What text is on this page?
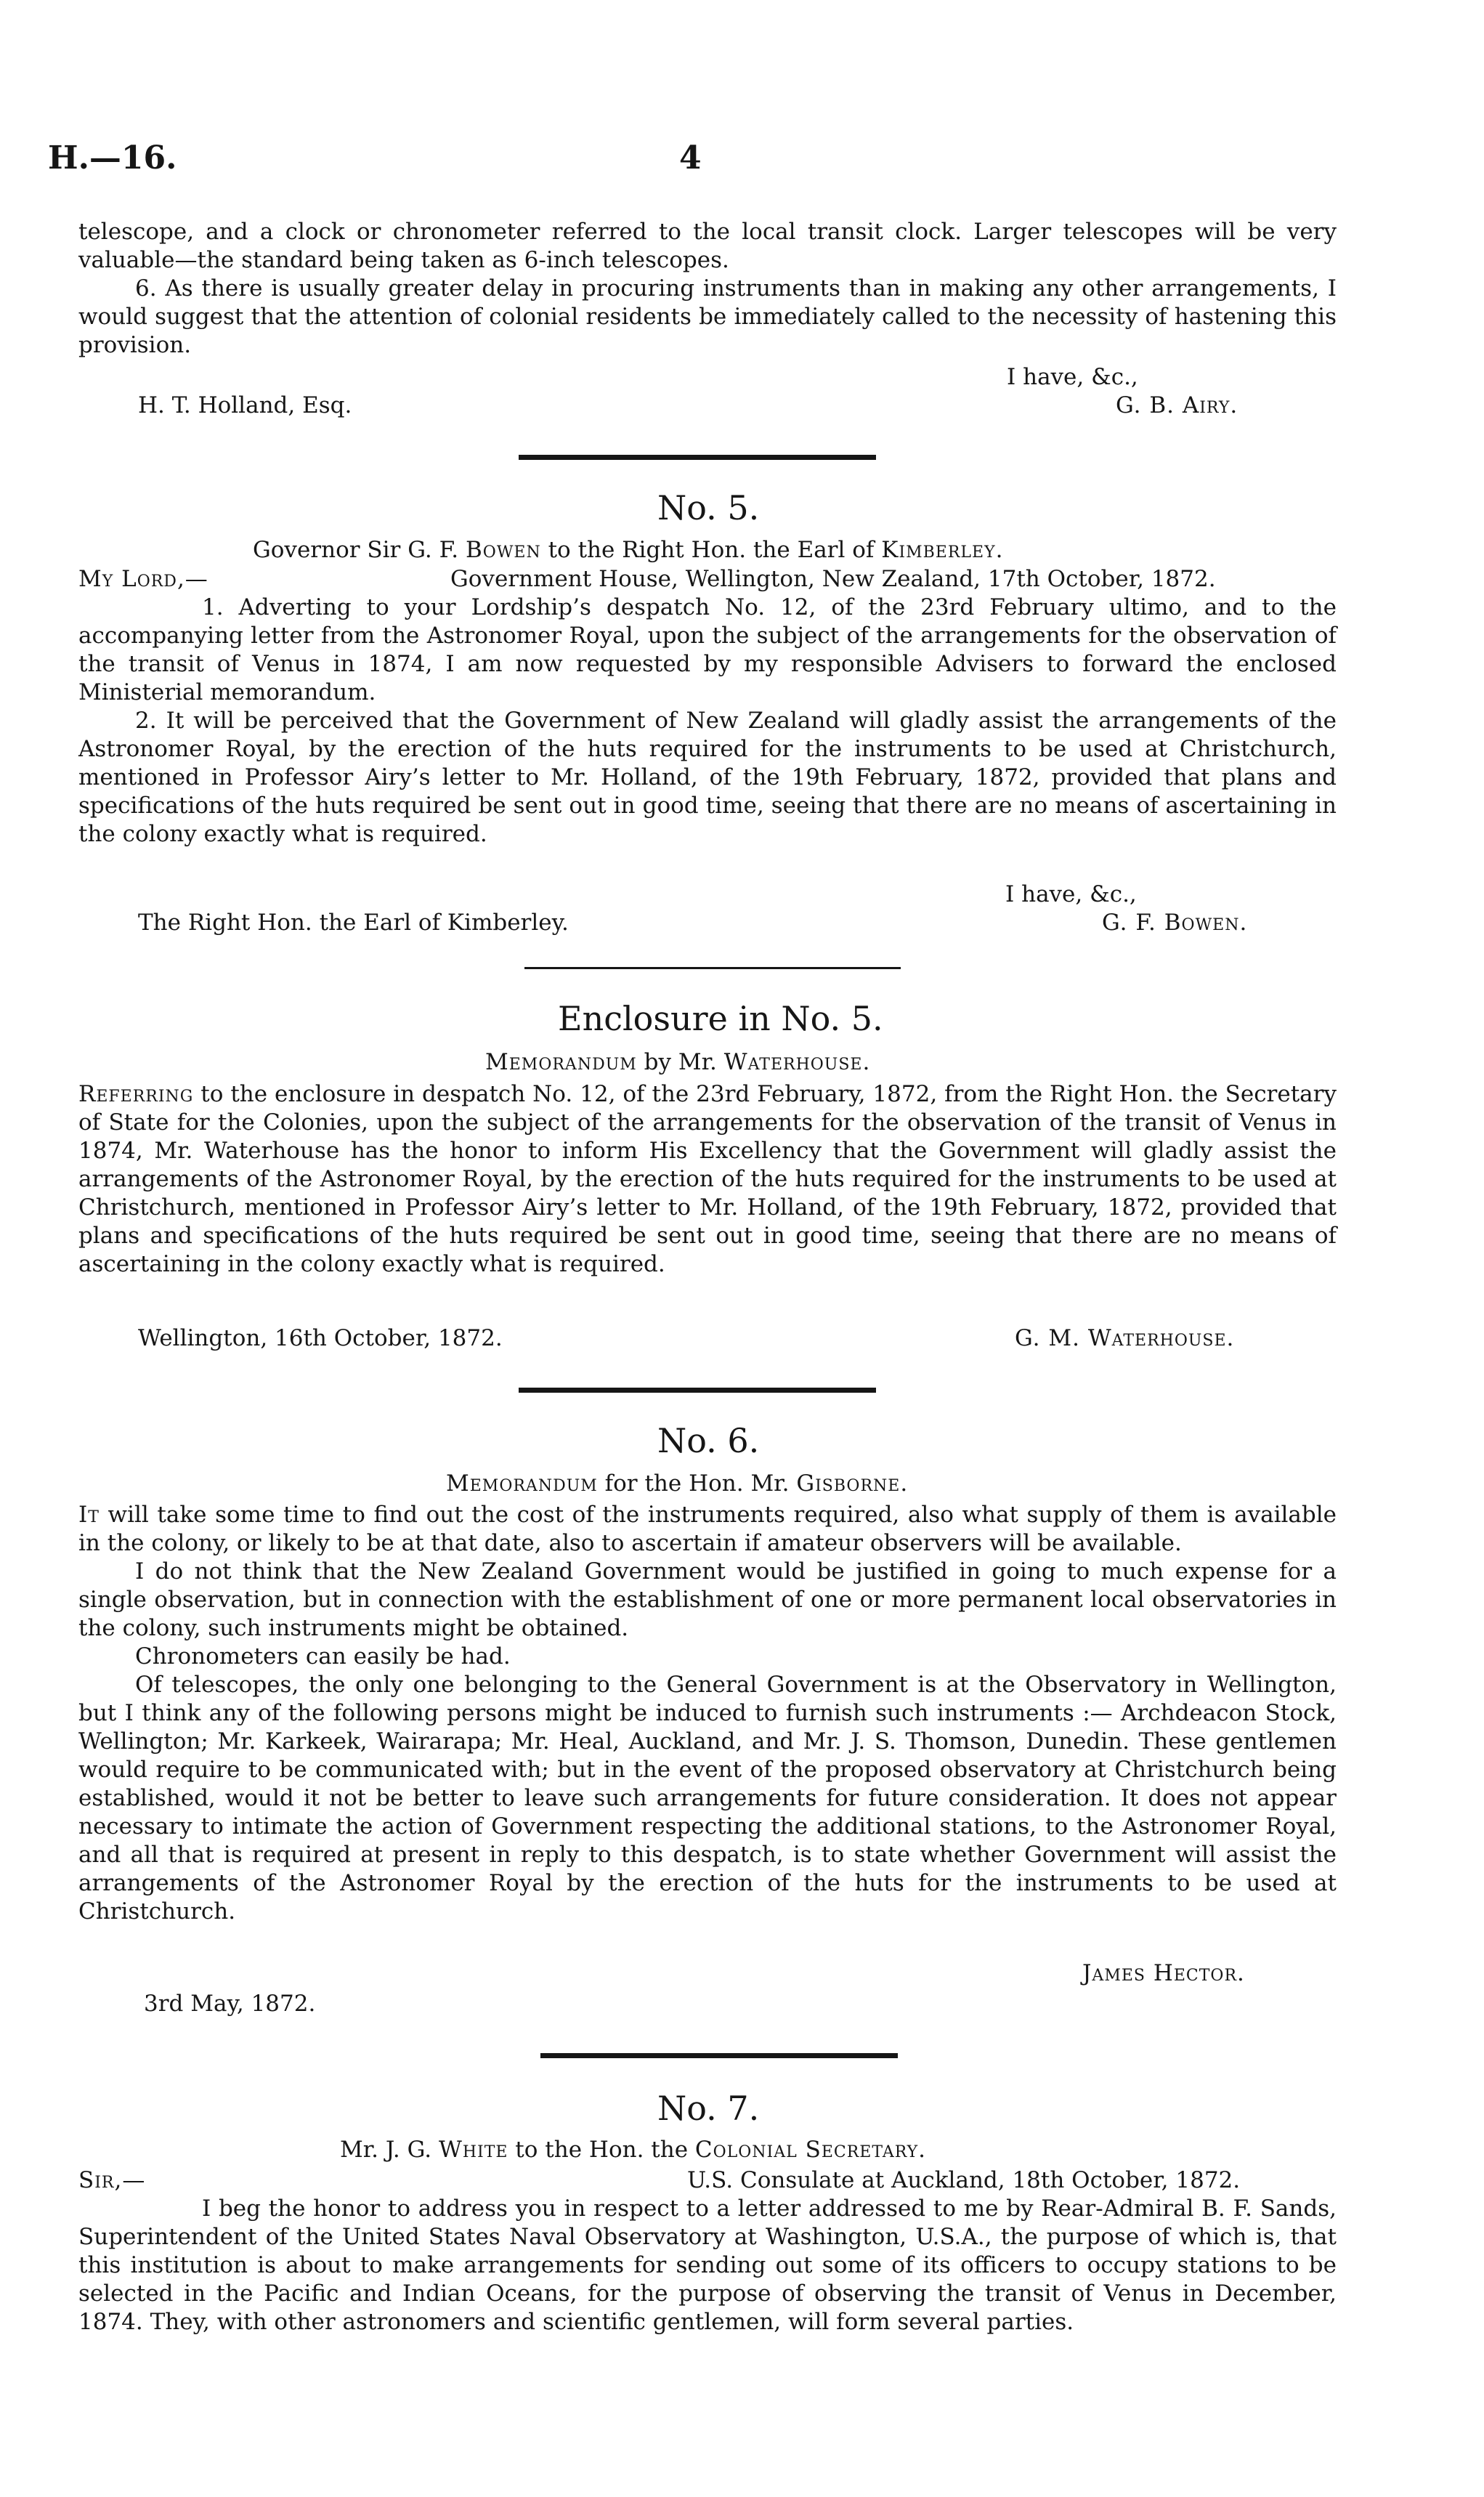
H.—16.	4

telescope, and a clock or chronometer referred to the local transit clock. Larger telescopes will be very valuable—the standard being taken as 6-inch telescopes.

6. As there is usually greater delay in procuring instruments than in making any other arrangements, I would suggest that the attention of colonial residents be immediately called to the necessity of hastening this provision.

I have, &c.,
H. T. Holland, Esq.	G. B. Airy.
No. 5.
Governor Sir G. F. Bowen to the Right Hon. the Earl of Kimberley.
My Lord,—	Government House, Wellington, New Zealand, 17th October, 1872.

1. Adverting to your Lordship’s despatch No. 12, of the 23rd February ultimo, and to the accompanying letter from the Astronomer Royal, upon the subject of the arrangements for the observation of the transit of Venus in 1874, I am now requested by my responsible Advisers to forward the enclosed Ministerial memorandum.

2. It will be perceived that the Government of New Zealand will gladly assist the arrangements of the Astronomer Royal, by the erection of the huts required for the instruments to be used at Christchurch, mentioned in Professor Airy’s letter to Mr. Holland, of the 19th February, 1872, provided that plans and specifications of the huts required be sent out in good time, seeing that there are no means of ascertaining in the colony exactly what is required.

I have, &c.,
The Right Hon. the Earl of Kimberley.	G. F. Bowen.
Enclosure in No. 5.
Memorandum by Mr. Waterhouse.

Referring to the enclosure in despatch No. 12, of the 23rd February, 1872, from the Right Hon. the Secretary of State for the Colonies, upon the subject of the arrangements for the observation of the transit of Venus in 1874, Mr. Waterhouse has the honor to inform His Excellency that the Government will gladly assist the arrangements of the Astronomer Royal, by the erection of the huts required for the instruments to be used at Christchurch, mentioned in Professor Airy’s letter to Mr. Holland, of the 19th February, 1872, provided that plans and specifications of the huts required be sent out in good time, seeing that there are no means of ascertaining in the colony exactly what is required.

Wellington, 16th October, 1872.	G. M. Waterhouse.
No. 6.
Memorandum for the Hon. Mr. Gisborne.

It will take some time to find out the cost of the instruments required, also what supply of them is available in the colony, or likely to be at that date, also to ascertain if amateur observers will be available.

I do not think that the New Zealand Government would be justified in going to much expense for a single observation, but in connection with the establishment of one or more permanent local observatories in the colony, such instruments might be obtained.

Chronometers can easily be had.

Of telescopes, the only one belonging to the General Government is at the Observatory in Wellington, but I think any of the following persons might be induced to furnish such instruments :— Archdeacon Stock, Wellington; Mr. Karkeek, Wairarapa; Mr. Heal, Auckland, and Mr. J. S. Thomson, Dunedin. These gentlemen would require to be communicated with; but in the event of the proposed observatory at Christchurch being established, would it not be better to leave such arrangements for future consideration. It does not appear necessary to intimate the action of Government respecting the additional stations, to the Astronomer Royal, and all that is required at present in reply to this despatch, is to state whether Government will assist the arrangements of the Astronomer Royal by the erection of the huts for the instruments to be used at Christchurch.

James Hector.
3rd May, 1872.
No. 7.
Mr. J. G. White to the Hon. the Colonial Secretary.
Sir,—	U.S. Consulate at Auckland, 18th October, 1872.

I beg the honor to address you in respect to a letter addressed to me by Rear-Admiral B. F. Sands, Superintendent of the United States Naval Observatory at Washington, U.S.A., the purpose of which is, that this institution is about to make arrangements for sending out some of its officers to occupy stations to be selected in the Pacific and Indian Oceans, for the purpose of observing the transit of Venus in December, 1874. They, with other astronomers and scientific gentlemen, will form several parties.
